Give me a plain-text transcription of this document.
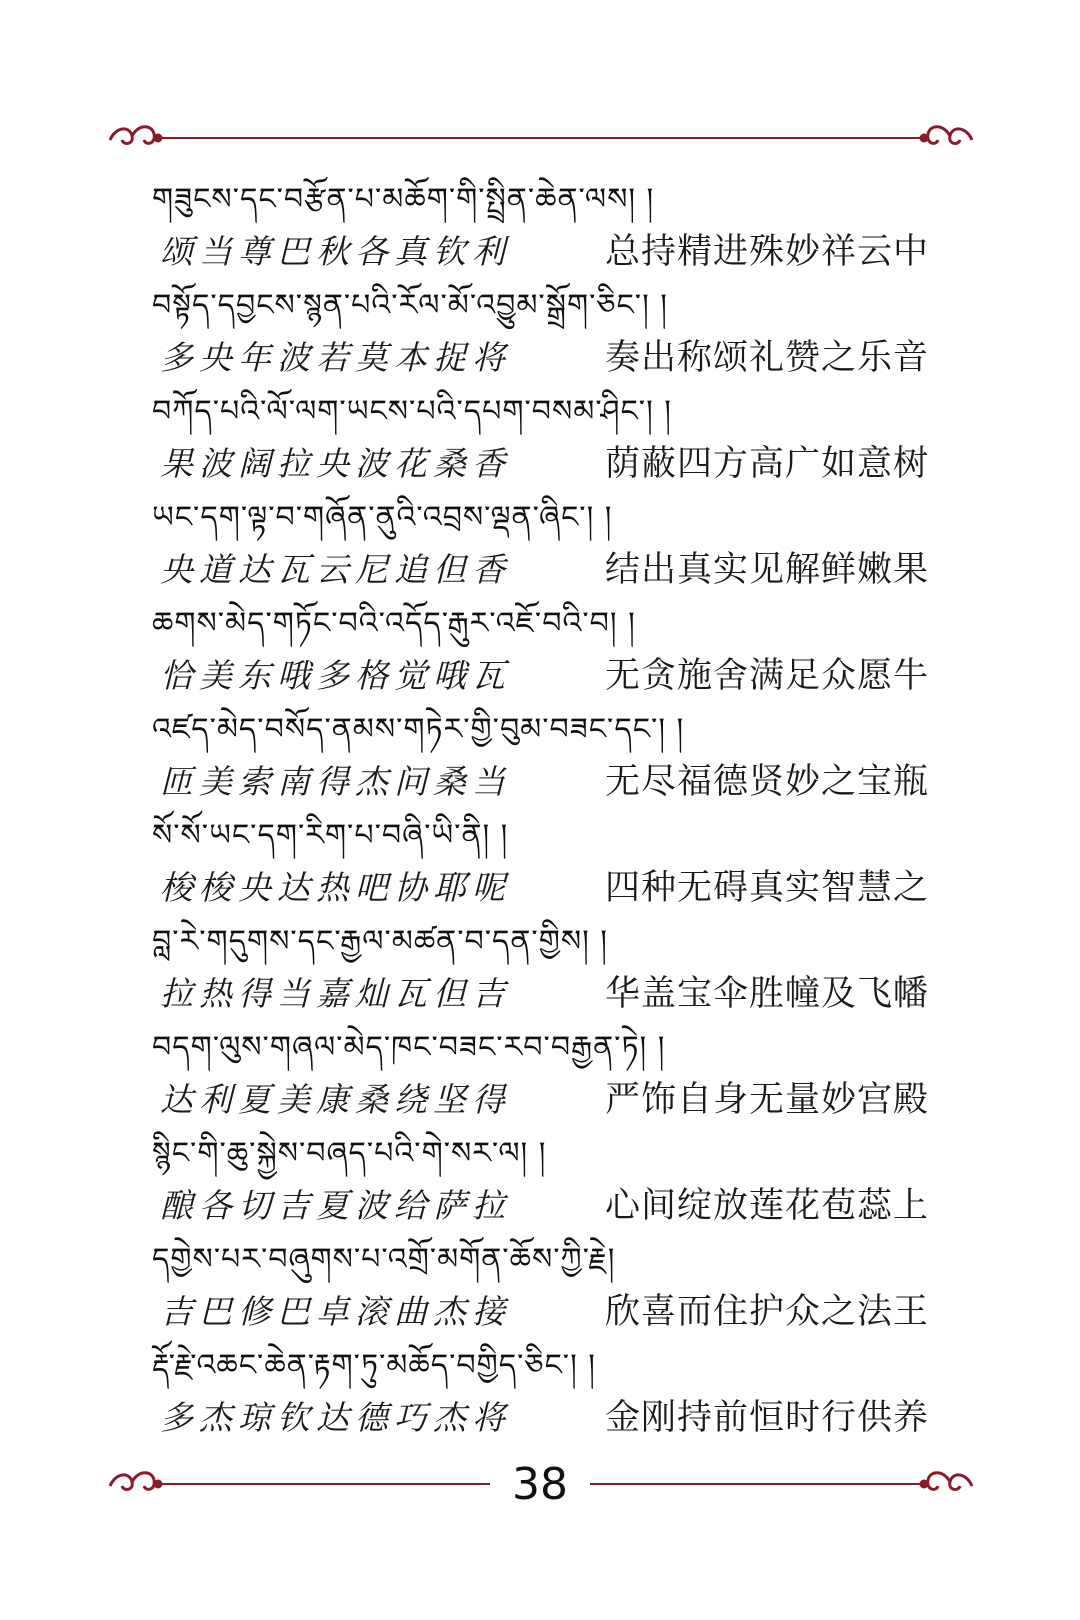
གཟུངས་དང་བརྩོན་པ་མཆོག་གི་སྤྲིན་ཆེན་ལས། །
颂当尊巴秋各真钦利	总持精进殊妙祥云中
བསྟོད་དབྱངས་སྙན་པའི་རོལ་མོ་འབྱུམ་སྒྲོག་ཅིང་། །
多央年波若莫本捉将	奏出称颂礼赞之乐音
བཀོད་པའི་ལོ་ལག་ཡངས་པའི་དཔག་བསམ་ཤིང་། །
果波阔拉央波花桑香	荫蔽四方高广如意树
ཡང་དག་ལྟ་བ་གཞོན་ནུའི་འབྲས་ལྡན་ཞིང་། །
央道达瓦云尼追但香	结出真实见解鲜嫩果
ཆགས་མེད་གཏོང་བའི་འདོད་རྒུར་འཇོ་བའི་བ། །
恰美东哦多格觉哦瓦	无贪施舍满足众愿牛
འཛད་མེད་བསོད་ནམས་གཏེར་གྱི་བུམ་བཟང་དང་། །
匝美索南得杰问桑当	无尽福德贤妙之宝瓶
སོ་སོ་ཡང་དག་རིག་པ་བཞི་ཡི་ནི། །
梭梭央达热吧协耶呢	四种无碍真实智慧之
བླ་རེ་གདུགས་དང་རྒྱལ་མཚན་བ་དན་གྱིས། །
拉热得当嘉灿瓦但吉	华盖宝伞胜幢及飞幡
བདག་ལུས་གཞལ་མེད་ཁང་བཟང་རབ་བརྒྱན་ཏེ། །
达利夏美康桑绕坚得	严饰自身无量妙宫殿
སྙིང་གི་ཆུ་སྐྱེས་བཞད་པའི་གེ་སར་ལ། །
酿各切吉夏波给萨拉	心间绽放莲花苞蕊上
དགྱེས་པར་བཞུགས་པ་འགྲོ་མགོན་ཆོས་ཀྱི་རྗེ།
吉巴修巴卓滚曲杰接	欣喜而住护众之法王
རྡོ་རྗེ་འཆང་ཆེན་རྟག་ཏུ་མཆོད་བགྱིད་ཅིང་། །
多杰琼钦达德巧杰将	金刚持前恒时行供养
38
